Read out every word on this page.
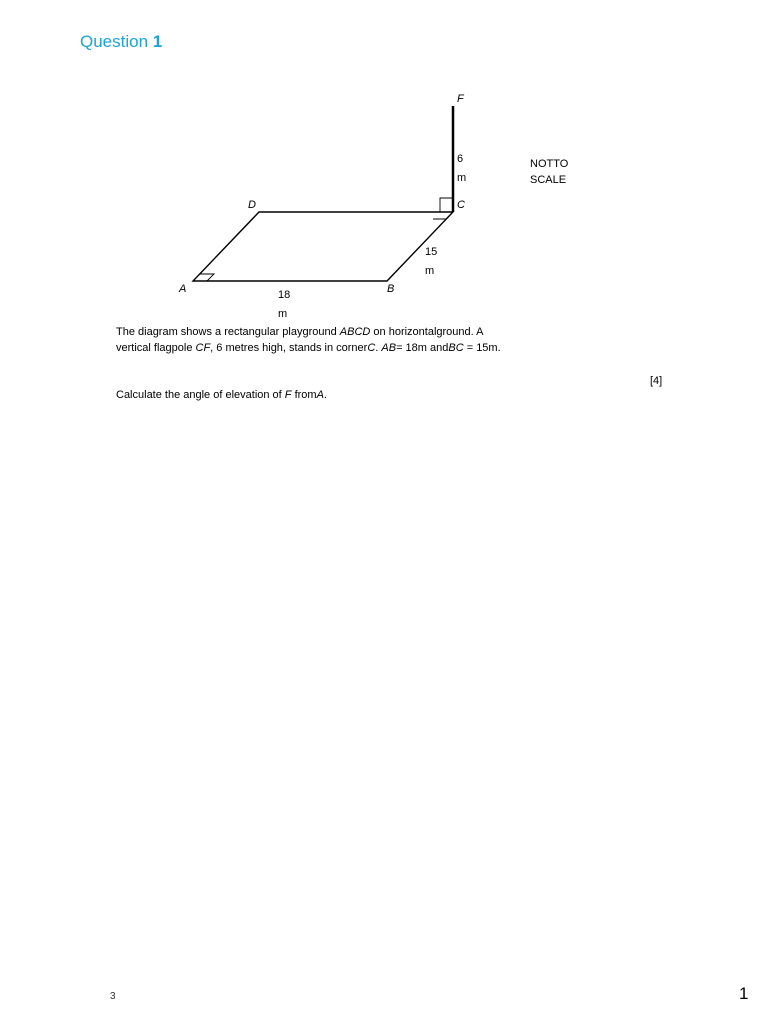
Question 1
F
C
D
A	B
6
m
15
m
18
m
NOTTO
SCALE
The diagram shows a rectangular playground ABCD on horizontalground. A vertical flagpole CF, 6 metres high, stands in cornerC. AB= 18m andBC = 15m.
[4]
Calculate the angle of elevation of F fromA.
3	1
